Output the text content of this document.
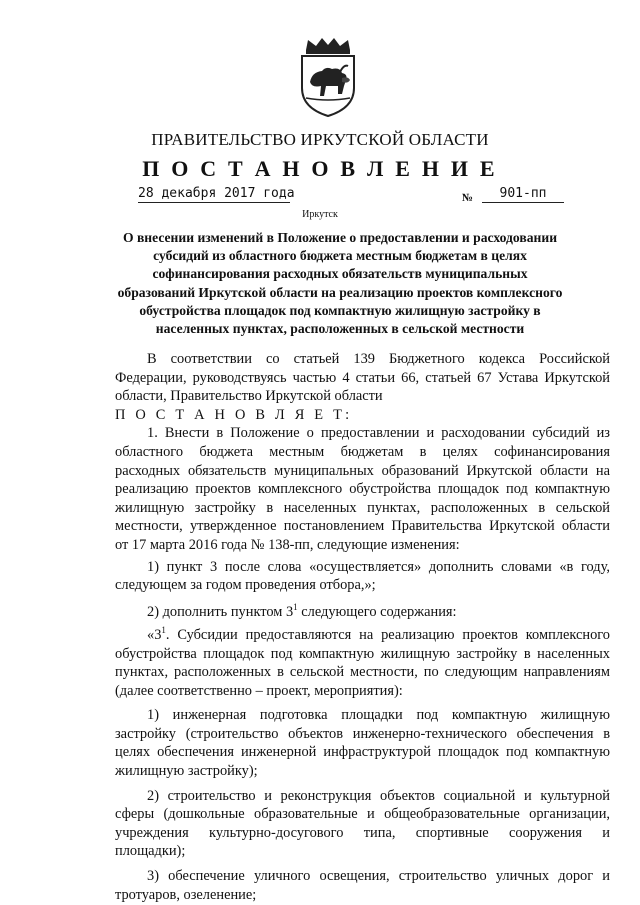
ПРАВИТЕЛЬСТВО ИРКУТСКОЙ ОБЛАСТИ
П О С Т А Н О В Л Е Н И Е
28 декабря 2017 года	№	901-пп
Иркутск
О внесении изменений в Положение о предоставлении и расходовании
субсидий из областного бюджета местным бюджетам в целях
софинансирования расходных обязательств муниципальных
образований Иркутской области на реализацию проектов комплексного
обустройства площадок под компактную жилищную застройку в
населенных пунктах, расположенных в сельской местности
В соответствии со статьей 139 Бюджетного кодекса Российской
Федерации, руководствуясь частью 4 статьи 66, статьей 67 Устава Иркутской
области, Правительство Иркутской области
П О С Т А Н О В Л Я Е Т:
1. Внести в Положение о предоставлении и расходовании субсидий из
областного бюджета местным бюджетам в целях софинансирования
расходных обязательств муниципальных образований Иркутской области на
реализацию проектов комплексного обустройства площадок под компактную
жилищную застройку в населенных пунктах, расположенных в сельской
местности, утвержденное постановлением Правительства Иркутской области
от 17 марта 2016 года № 138-пп, следующие изменения:
1) пункт 3 после слова «осуществляется» дополнить словами «в году,
следующем за годом проведения отбора,»;
2) дополнить пунктом $3^1$ следующего содержания:
«$3^1$. Субсидии предоставляются на реализацию проектов комплексного
обустройства площадок под компактную жилищную застройку в населенных
пунктах, расположенных в сельской местности, по следующим направлениям
(далее соответственно – проект, мероприятия):
1) инженерная подготовка площадки под компактную жилищную
застройку (строительство объектов инженерно-технического обеспечения в
целях обеспечения инженерной инфраструктурой площадок под компактную
жилищную застройку);
2) строительство и реконструкция объектов социальной и культурной
сферы (дошкольные образовательные и общеобразовательные организации,
учреждения культурно-досугового типа, спортивные сооружения и
площадки);
3) обеспечение уличного освещения, строительство уличных дорог и
тротуаров, озеленение;
